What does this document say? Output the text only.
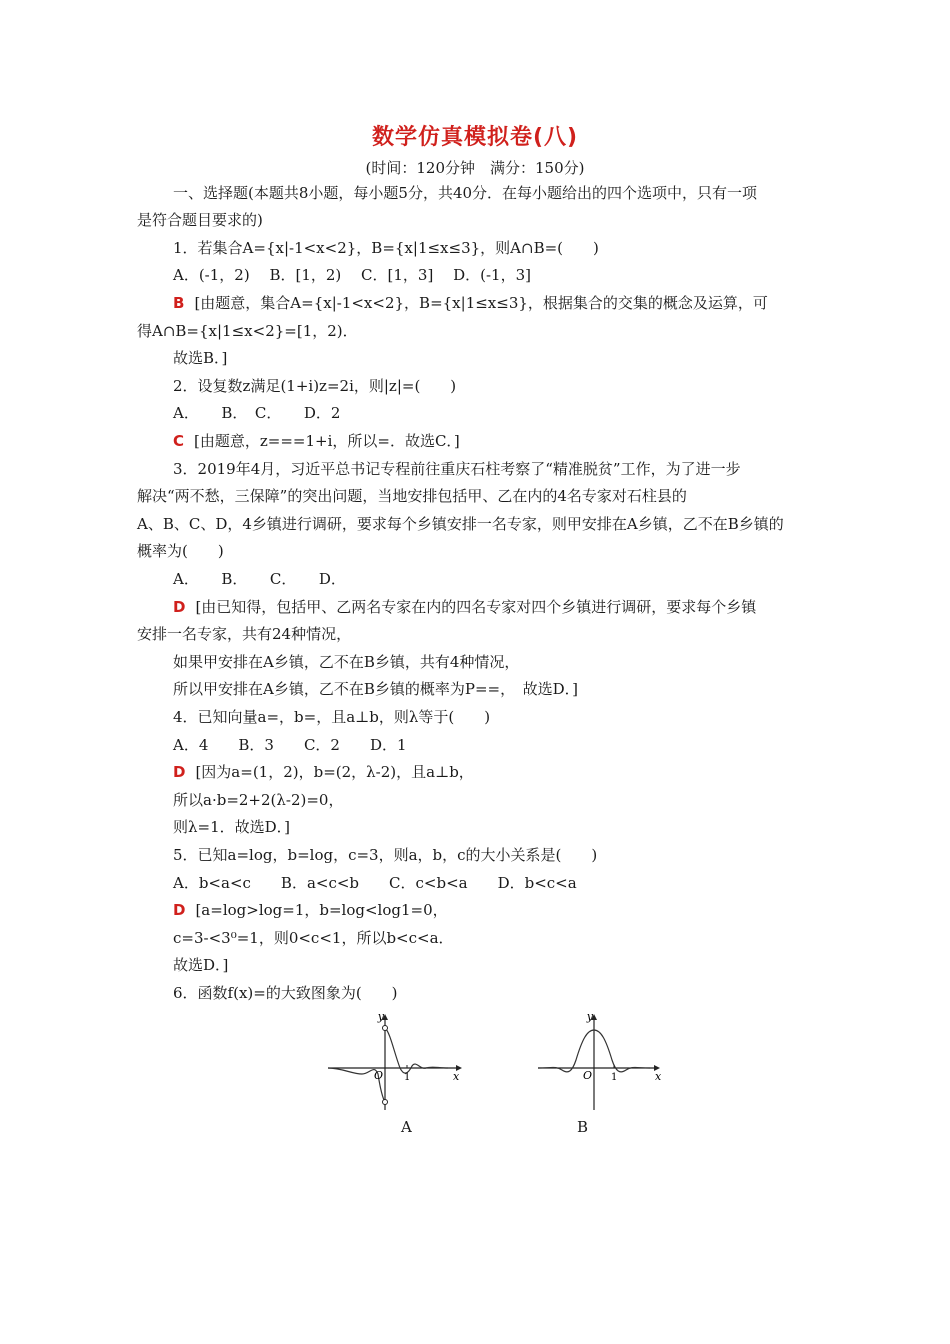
数学仿真模拟卷(八)
(时间：120分钟　满分：150分)
一、选择题(本题共8小题，每小题5分，共40分．在每小题给出的四个选项中，只有一项
是符合题目要求的)
1．若集合A={x|-1<x<2}，B={x|1≤x≤3}，则A∩B=(　　)
A．(-1，2)　 B．[1，2)　 C．[1，3]　 D．(-1，3]
B [由题意，集合A={x|-1<x<2}，B={x|1≤x≤3}，根据集合的交集的概念及运算，可
得A∩B={x|1≤x<2}=[1，2)．
故选B．]
2．设复数z满足(1+i)z=2i，则|z|=(　　)
A．　　B．　C．　　D．2
C [由题意，z===1+i，所以=．故选C．]
3．2019年4月，习近平总书记专程前往重庆石柱考察了“精准脱贫”工作，为了进一步
解决“两不愁，三保障”的突出问题，当地安排包括甲、乙在内的4名专家对石柱县的
A、B、C、D，4乡镇进行调研，要求每个乡镇安排一名专家，则甲安排在A乡镇，乙不在B乡镇的
概率为(　　)
A．　　B．　　C．　　D．
D [由已知得，包括甲、乙两名专家在内的四名专家对四个乡镇进行调研，要求每个乡镇
安排一名专家，共有24种情况，
如果甲安排在A乡镇，乙不在B乡镇，共有4种情况，
所以甲安排在A乡镇，乙不在B乡镇的概率为P==，　故选D．]
4．已知向量a=，b=，且a⊥b，则λ等于(　　)
A．4　　B．3　　C．2　　D．1
D [因为a=(1，2)，b=(2，λ-2)，且a⊥b，
所以a·b=2+2(λ-2)=0，
则λ=1．故选D．]
5．已知a=log，b=log，c=3，则a，b，c的大小关系是(　　)
A．b<a<c　　B．a<c<b　　C．c<b<a　　D．b<c<a
D [a=log>log=1，b=log<log1=0，
c=3-<3⁰=1，则0<c<1，所以b<c<a．
故选D．]
6．函数f(x)=的大致图象为(　　)
y
x
O 1
y
x
O 1
A	B
